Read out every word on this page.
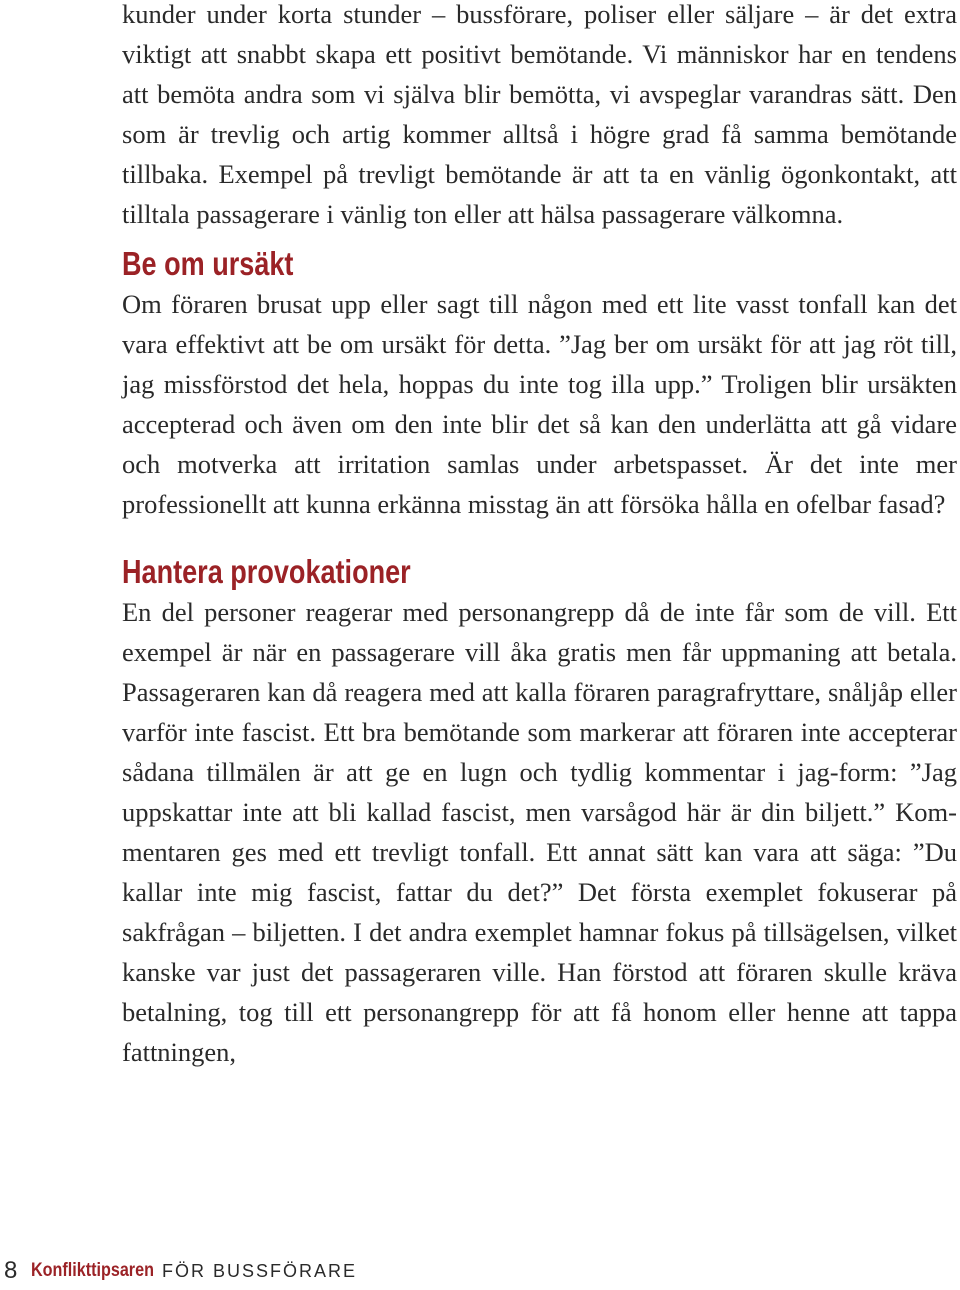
kunder under korta stunder – bussförare, poliser eller säljare – är det extra viktigt att snabbt skapa ett positivt bemötande. Vi människor har en tendens att bemöta andra som vi själva blir bemötta, vi avspeglar varandras sätt. Den som är trevlig och artig kommer alltså i högre grad få samma bemötande tillbaka. Exempel på trevligt bemötande är att ta en vänlig ögonkontakt, att tilltala passagerare i vänlig ton eller att hälsa passagerare välkomna.

Be om ursäkt

Om föraren brusat upp eller sagt till någon med ett lite vasst tonfall kan det vara effektivt att be om ursäkt för detta. ”Jag ber om ursäkt för att jag röt till, jag missförstod det hela, hoppas du inte tog illa upp.” Troligen blir ursäkten accepterad och även om den inte blir det så kan den underlätta att gå vidare och motverka att irritation samlas under arbetspasset. Är det inte mer professionellt att kunna erkänna misstag än att försöka hålla en ofelbar fasad?

Hantera provokationer

En del personer reagerar med personangrepp då de inte får som de vill. Ett exempel är när en passagerare vill åka gratis men får uppmaning att betala. Passageraren kan då reagera med att kalla föraren paragrafryttare, snåljåp eller varför inte fascist. Ett bra bemötande som markerar att föraren inte accepterar sådana tillmälen är att ge en lugn och tydlig kommentar i jag-form: ”Jag uppskattar inte att bli kallad fascist, men varsågod här är din biljett.” Kommentaren ges med ett trevligt tonfall. Ett annat sätt kan vara att säga: ”Du kallar inte mig fascist, fattar du det?” Det första exemplet fokuserar på sakfrågan – biljetten. I det andra exemplet hamnar fokus på tillsägelsen, vilket kanske var just det passageraren ville. Han förstod att föraren skulle kräva betalning, tog till ett personangrepp för att få honom eller henne att tappa fattningen,

8 Konflikttipsaren FÖR BUSSFÖRARE
